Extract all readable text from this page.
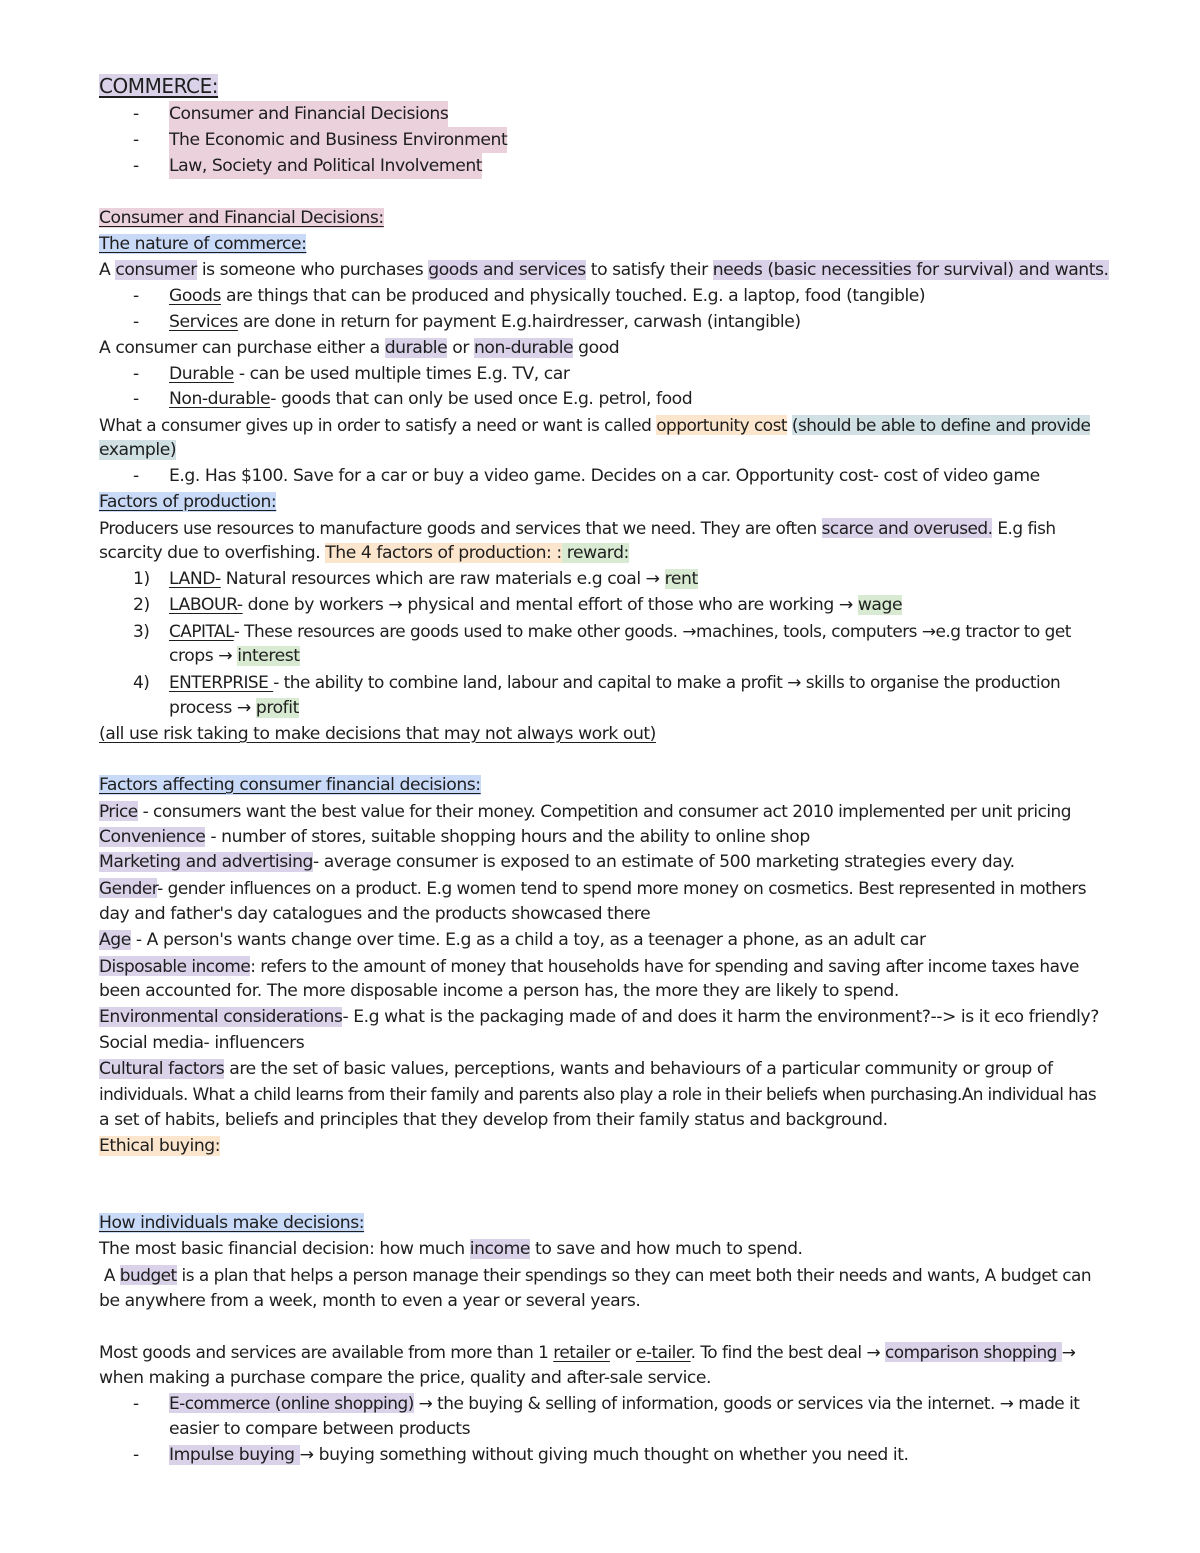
COMMERCE:
- Consumer and Financial Decisions
- The Economic and Business Environment
- Law, Society and Political Involvement
Consumer and Financial Decisions:
The nature of commerce:
A consumer is someone who purchases goods and services to satisfy their needs (basic necessities for survival) and wants.
- Goods are things that can be produced and physically touched. E.g. a laptop, food (tangible)
- Services are done in return for payment E.g.hairdresser, carwash (intangible)
A consumer can purchase either a durable or non-durable good
- Durable - can be used multiple times E.g. TV, car
- Non-durable- goods that can only be used once E.g. petrol, food
What a consumer gives up in order to satisfy a need or want is called opportunity cost (should be able to define and provide
example)
- E.g. Has $100. Save for a car or buy a video game. Decides on a car. Opportunity cost- cost of video game
Factors of production:
Producers use resources to manufacture goods and services that we need. They are often scarce and overused. E.g fish
scarcity due to overfishing. The 4 factors of production: : reward:
1) LAND- Natural resources which are raw materials e.g coal → rent
2) LABOUR- done by workers → physical and mental effort of those who are working → wage
3) CAPITAL- These resources are goods used to make other goods. →machines, tools, computers →e.g tractor to get
crops → interest
4) ENTERPRISE - the ability to combine land, labour and capital to make a profit → skills to organise the production
process → profit
(all use risk taking to make decisions that may not always work out)
Factors affecting consumer financial decisions:
Price - consumers want the best value for their money. Competition and consumer act 2010 implemented per unit pricing
Convenience - number of stores, suitable shopping hours and the ability to online shop
Marketing and advertising- average consumer is exposed to an estimate of 500 marketing strategies every day.
Gender- gender influences on a product. E.g women tend to spend more money on cosmetics. Best represented in mothers
day and father's day catalogues and the products showcased there
Age - A person's wants change over time. E.g as a child a toy, as a teenager a phone, as an adult car
Disposable income: refers to the amount of money that households have for spending and saving after income taxes have
been accounted for. The more disposable income a person has, the more they are likely to spend.
Environmental considerations- E.g what is the packaging made of and does it harm the environment?--> is it eco friendly?
Social media- influencers
Cultural factors are the set of basic values, perceptions, wants and behaviours of a particular community or group of
individuals. What a child learns from their family and parents also play a role in their beliefs when purchasing.An individual has
a set of habits, beliefs and principles that they develop from their family status and background.
Ethical buying:
How individuals make decisions:
The most basic financial decision: how much income to save and how much to spend.
A budget is a plan that helps a person manage their spendings so they can meet both their needs and wants, A budget can
be anywhere from a week, month to even a year or several years.
Most goods and services are available from more than 1 retailer or e-tailer. To find the best deal → comparison shopping →
when making a purchase compare the price, quality and after-sale service.
- E-commerce (online shopping) → the buying & selling of information, goods or services via the internet. → made it
easier to compare between products
- Impulse buying → buying something without giving much thought on whether you need it.
